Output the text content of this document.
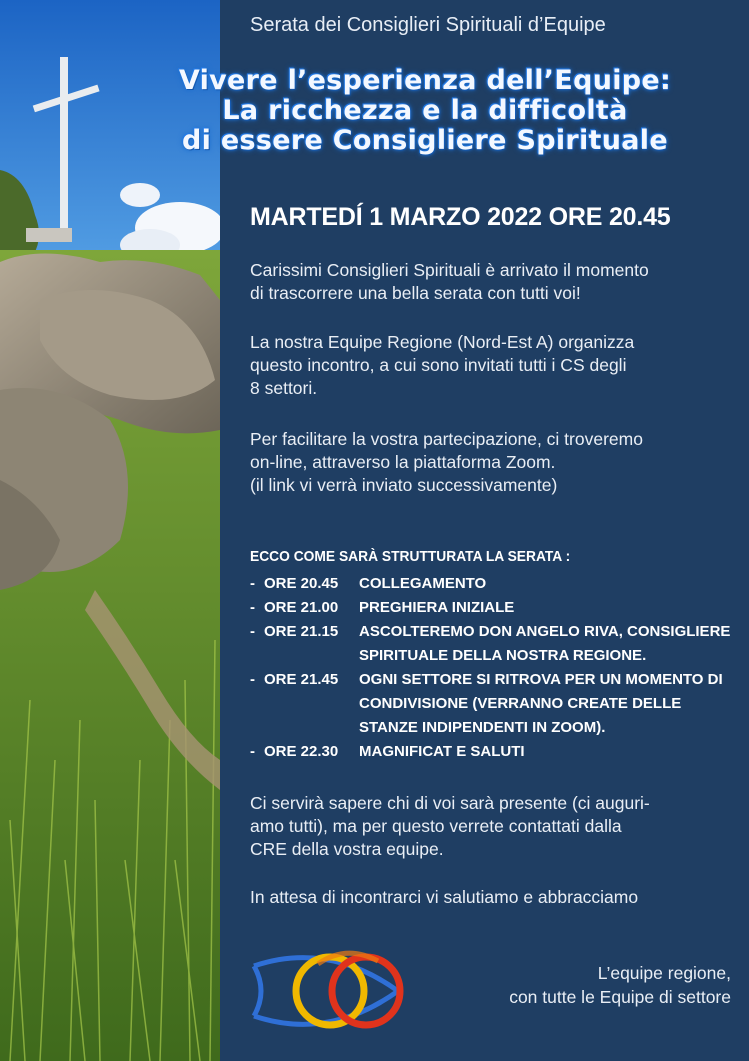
Serata dei Consiglieri Spirituali d’Equipe
Vivere l’esperienza dell’Equipe:
La ricchezza e la difficoltà
di essere Consigliere Spirituale
MARTEDÍ 1 MARZO 2022 ORE 20.45
Carissimi Consiglieri Spirituali è arrivato il momento
di trascorrere una bella serata con tutti voi!
La nostra Equipe Regione (Nord-Est A) organizza
questo incontro, a cui sono invitati tutti i CS degli
8 settori.
Per facilitare la vostra partecipazione, ci troveremo
on-line, attraverso la piattaforma Zoom.
(il link vi verrà inviato successivamente)
ECCO COME SARÀ STRUTTURATA LA SERATA :
- ORE 20.45	COLLEGAMENTO
- ORE 21.00	PREGHIERA INIZIALE
- ORE 21.15	ASCOLTEREMO DON ANGELO RIVA, CONSIGLIERE
SPIRITUALE DELLA NOSTRA REGIONE.
- ORE 21.45	OGNI SETTORE SI RITROVA PER UN MOMENTO DI
CONDIVISIONE (VERRANNO CREATE DELLE
STANZE INDIPENDENTI IN ZOOM).
- ORE 22.30	MAGNIFICAT E SALUTI
Ci servirà sapere chi di voi sarà presente (ci auguri-
amo tutti), ma per questo verrete contattati dalla
CRE della vostra equipe.
In attesa di incontrarci vi salutiamo e abbracciamo
L’equipe regione,
con tutte le Equipe di settore
